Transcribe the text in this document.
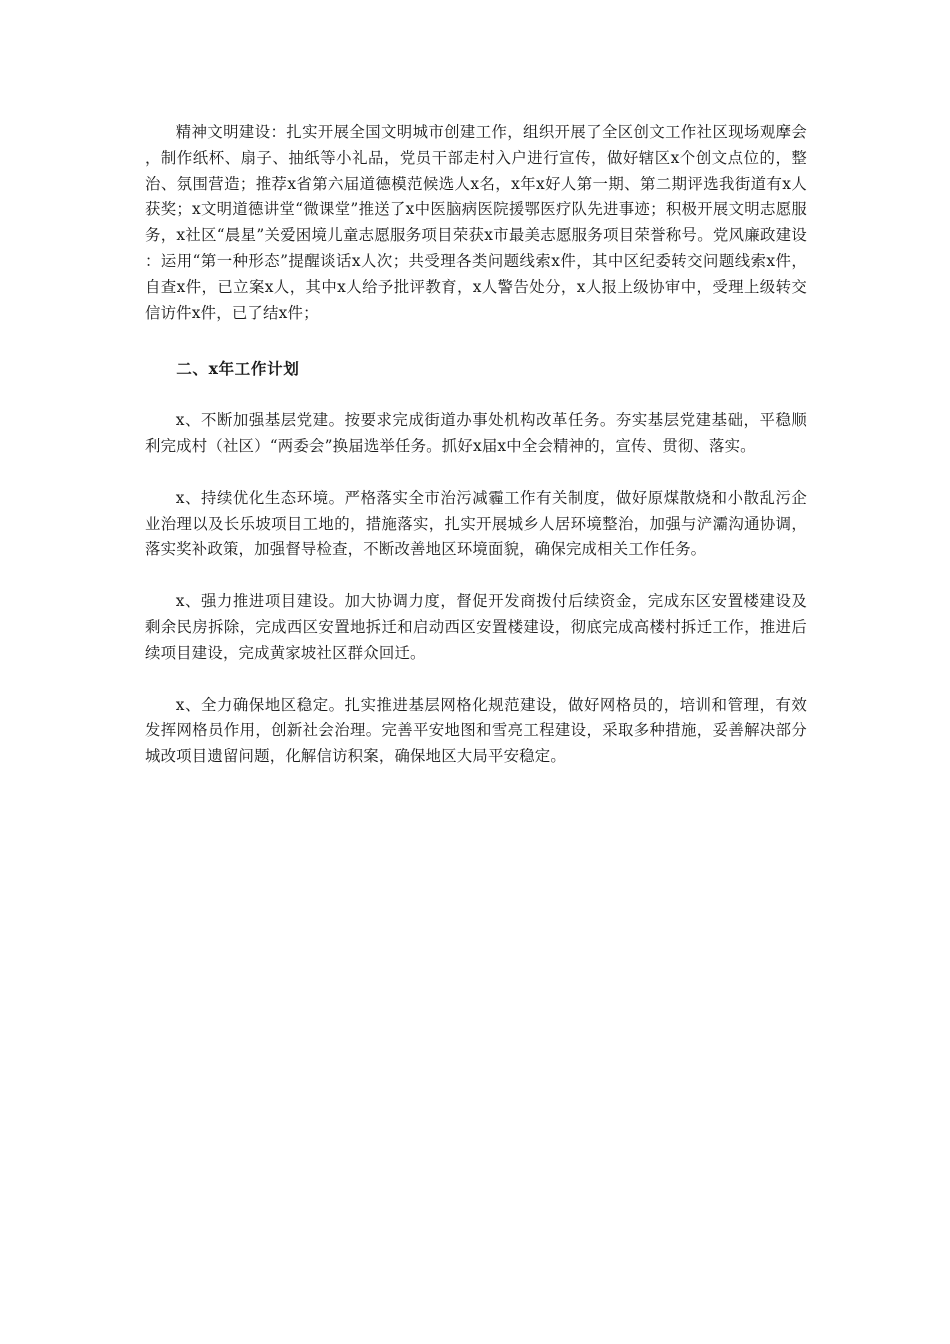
精神文明建设：扎实开展全国文明城市创建工作，组织开展了全区创文工作社区现场观摩会，制作纸杯、扇子、抽纸等小礼品，党员干部走村入户进行宣传，做好辖区x个创文点位的，整治、氛围营造；推荐x省第六届道德模范候选人x名，x年x好人第一期、第二期评选我街道有x人获奖；x文明道德讲堂“微课堂”推送了x中医脑病医院援鄂医疗队先进事迹；积极开展文明志愿服务，x社区“晨星”关爱困境儿童志愿服务项目荣获x市最美志愿服务项目荣誉称号。党风廉政建设：运用“第一种形态”提醒谈话x人次；共受理各类问题线索x件，其中区纪委转交问题线索x件，自查x件，已立案x人，其中x人给予批评教育，x人警告处分，x人报上级协审中，受理上级转交信访件x件，已了结x件；

二、x年工作计划

x、不断加强基层党建。按要求完成街道办事处机构改革任务。夯实基层党建基础，平稳顺利完成村（社区）“两委会”换届选举任务。抓好x届x中全会精神的，宣传、贯彻、落实。

x、持续优化生态环境。严格落实全市治污减霾工作有关制度，做好原煤散烧和小散乱污企业治理以及长乐坡项目工地的，措施落实，扎实开展城乡人居环境整治，加强与浐灞沟通协调，落实奖补政策，加强督导检查，不断改善地区环境面貌，确保完成相关工作任务。

x、强力推进项目建设。加大协调力度，督促开发商拨付后续资金，完成东区安置楼建设及剩余民房拆除，完成西区安置地拆迁和启动西区安置楼建设，彻底完成高楼村拆迁工作，推进后续项目建设，完成黄家坡社区群众回迁。

x、全力确保地区稳定。扎实推进基层网格化规范建设，做好网格员的，培训和管理，有效发挥网格员作用，创新社会治理。完善平安地图和雪亮工程建设，采取多种措施，妥善解决部分城改项目遗留问题，化解信访积案，确保地区大局平安稳定。
